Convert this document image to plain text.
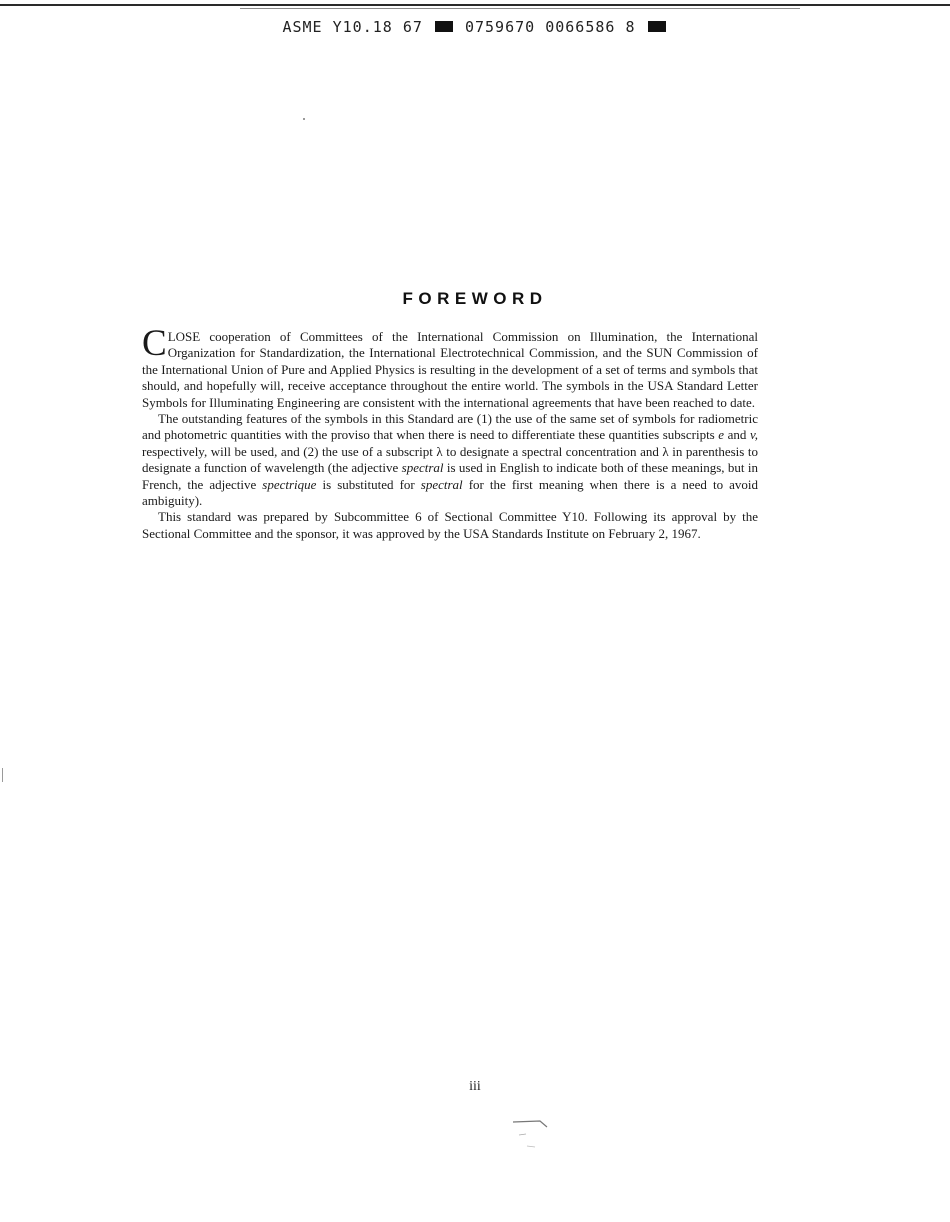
ASME Y10.18 67	0759670 0066586 8
FOREWORD

CLOSE cooperation of Committees of the International Commission on Illumination, the International Organization for Standardization, the International Electrotechnical Commission, and the SUN Commission of the International Union of Pure and Applied Physics is resulting in the development of a set of terms and symbols that should, and hopefully will, receive acceptance throughout the entire world. The symbols in the USA Standard Letter Symbols for Illuminating Engineering are consistent with the international agreements that have been reached to date.

The outstanding features of the symbols in this Standard are (1) the use of the same set of symbols for radiometric and photometric quantities with the proviso that when there is need to differentiate these quantities subscripts e and v, respectively, will be used, and (2) the use of a subscript λ to designate a spectral concentration and λ in parenthesis to designate a function of wavelength (the adjective spectral is used in English to indicate both of these meanings, but in French, the adjective spectrique is substituted for spectral for the first meaning when there is a need to avoid ambiguity).

This standard was prepared by Subcommittee 6 of Sectional Committee Y10. Following its approval by the Sectional Committee and the sponsor, it was approved by the USA Standards Institute on February 2, 1967.

iii
